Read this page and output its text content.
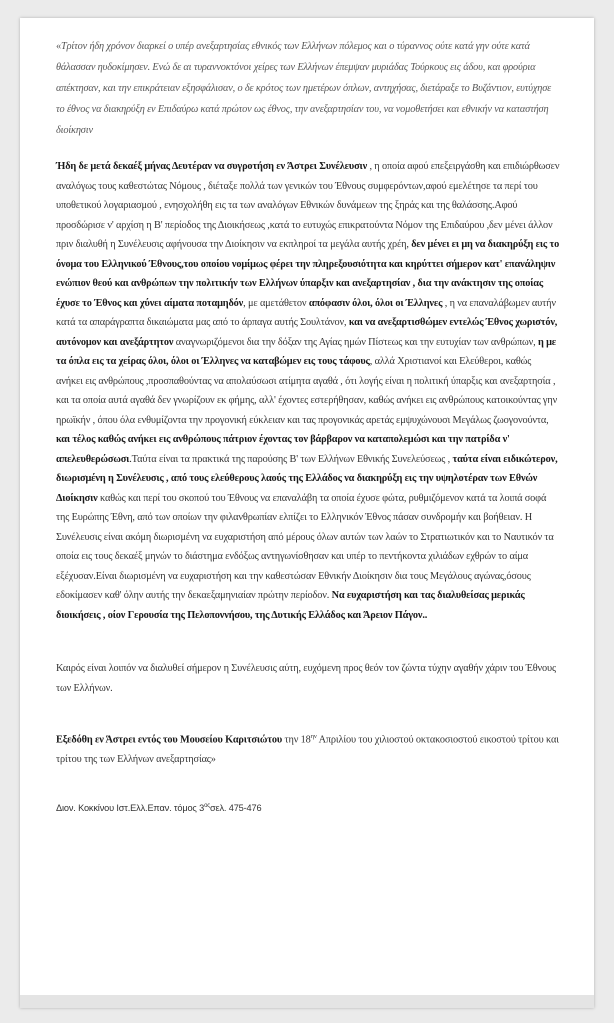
«Τρίτον ήδη χρόνον διαρκεί ο υπέρ ανεξαρτησίας εθνικός των Ελλήνων πόλεμος και ο τύραννος ούτε κατά γην ούτε κατά θάλασσαν ηυδοκίμησεν. Ενώ δε αι τυραννοκτόνοι χείρες των Ελλήνων έπεμψαν μυριάδας Τούρκους εις άδου, και φρούρια απέκτησαν, και την επικράτειαν εξησφάλισαν, ο δε κρότος των ημετέρων όπλων, αντηχήσας, διετάραξε το Βυζάντιον, ευτύχησε το έθνος να διακηρύξη εν Επιδαύρω κατά πρώτον ως έθνος, την ανεξαρτησίαν του, να νομοθετήσει και εθνικήν να καταστήση διοίκησιν

Ήδη δε μετά δεκαέξ μήνας Δευτέραν να συγροτήση εν Άστρει Συνέλευσιν , η οποία αφού επεξειργάσθη και επιδιώρθωσεν αναλόγως τους καθεστώτας Νόμους , διέταξε πολλά των γενικών του Έθνους συμφερόντων,αφού εμελέτησε τα περί του υποθετικού λογαριασμού , ενησχολήθη εις τα των αναλόγων Εθνικών δυνάμεων της ξηράς και της θαλάσσης.Αφού προσδώρισε ν' αρχίση η Β' περίοδος της Διοικήσεως ,κατά το ευτυχώς επικρατούντα Νόμον της Επιδαύρου ,δεν μένει άλλον πριν διαλυθή η Συνέλευσις αφήνουσα την Διοίκησιν να εκπληροί τα μεγάλα αυτής χρέη, δεν μένει ει μη να διακηρύξη εις το όνομα του Ελληνικού Έθνους,του οποίου νομίμως φέρει την πληρεξουσιότητα και κηρύττει σήμερον κατ' επανάληψιν ενώπιον θεού και ανθρώπων την πολιτικήν των Ελλήνων ύπαρξιν και ανεξαρτησίαν , δια την ανάκτησιν της οποίας έχυσε το Έθνος και χύνει αίματα ποταμηδόν, με αμετάθετον απόφασιν όλοι, όλοι οι Έλληνες , η να επαναλάβωμεν αυτήν κατά τα απαράγραπτα δικαιώματα μας από το άρπαγα αυτής Σουλτάνον, και να ανεξαρτισθώμεν εντελώς Έθνος χωριστόν, αυτόνομον και ανεξάρτητον αναγνωριζόμενοι δια την δόξαν της Αγίας ημών Πίστεως και την ευτυχίαν των ανθρώπων, η με τα όπλα εις τα χείρας όλοι, όλοι οι Έλληνες να καταβώμεν εις τους τάφους, αλλά Χριστιανοί και Ελεύθεροι, καθώς ανήκει εις ανθρώπους ,προσπαθούντας να απολαύσωσι ατίμητα αγαθά , ότι λογής είναι η πολιτική ύπαρξις και ανεξαρτησία , και τα οποία αυτά αγαθά δεν γνωρίζουν εκ φήμης, αλλ' έχοντες εστερήθησαν, καθώς ανήκει εις ανθρώπους κατοικούντας γην ηρωϊκήν , όπου όλα ενθυμίζοντα την προγονική εύκλειαν και τας προγονικάς αρετάς εμψυχώνουσι Μεγάλως ζωογονούντα, και τέλος καθώς ανήκει εις ανθρώπους πάτριον έχοντας τον βάρβαρον να καταπολεμώσι και την πατρίδα ν' απελευθερώσωσι.Ταύτα είναι τα πρακτικά της παρούσης Β' των Ελλήνων Εθνικής Συνελεύσεως , ταύτα είναι ειδικώτερον, διωρισμένη η Συνέλευσις , από τους ελεύθερους λαούς της Ελλάδος να διακηρύξη εις την υψηλοτέραν των Εθνών Διοίκησιν καθώς και περί του σκοπού του Έθνους να επαναλάβη τα οποία έχυσε φώτα, ρυθμιζόμενον κατά τα λοιπά σοφά της Ευρώπης Έθνη, από των οποίων την φιλανθρωπίαν ελπίζει το Ελληνικόν Έθνος πάσαν συνδρομήν και βοήθειαν. Η Συνέλευσις είναι ακόμη διωρισμένη να ευχαριστήση από μέρους όλων αυτών των λαών το Στρατιωτικόν και το Ναυτικόν τα οποία εις τους δεκαέξ μηνών το διάστημα ενδόξως αντηγωνίσθησαν και υπέρ το πεντήκοντα χιλιάδων εχθρών το αίμα εξέχυσαν.Είναι διωρισμένη να ευχαριστήση και την καθεστώσαν Εθνικήν Διοίκησιν δια τους Μεγάλους αγώνας,όσους εδοκίμασεν καθ' όλην αυτής την δεκαεξαμηνιαίαν πρώτην περίοδον. Να ευχαριστήση και τας διαλυθείσας μερικάς διοικήσεις , οίον Γερουσία της Πελοποννήσου, της Δυτικής Ελλάδος και Άρειον Πάγον..

Καιρός είναι λοιπόν να διαλυθεί σήμερον η Συνέλευσις αύτη, ευχόμενη προς θεόν τον ζώντα τύχην αγαθήν χάριν του Έθνους των Ελλήνων.

Εξεδόθη εν Άστρει εντός του Μουσείου Καριτσιώτου την $18^{\eta\nu}$ Απριλίου του χιλιοστού οκτακοσιοστού εικοστού τρίτου και τρίτου της των Ελλήνων ανεξαρτησίας»

Διον. Κοκκίνου Ιστ.Ελλ.Επαν. τόμος $3^{o\varsigma}\sigma\varepsilon\lambda$. 475-476
